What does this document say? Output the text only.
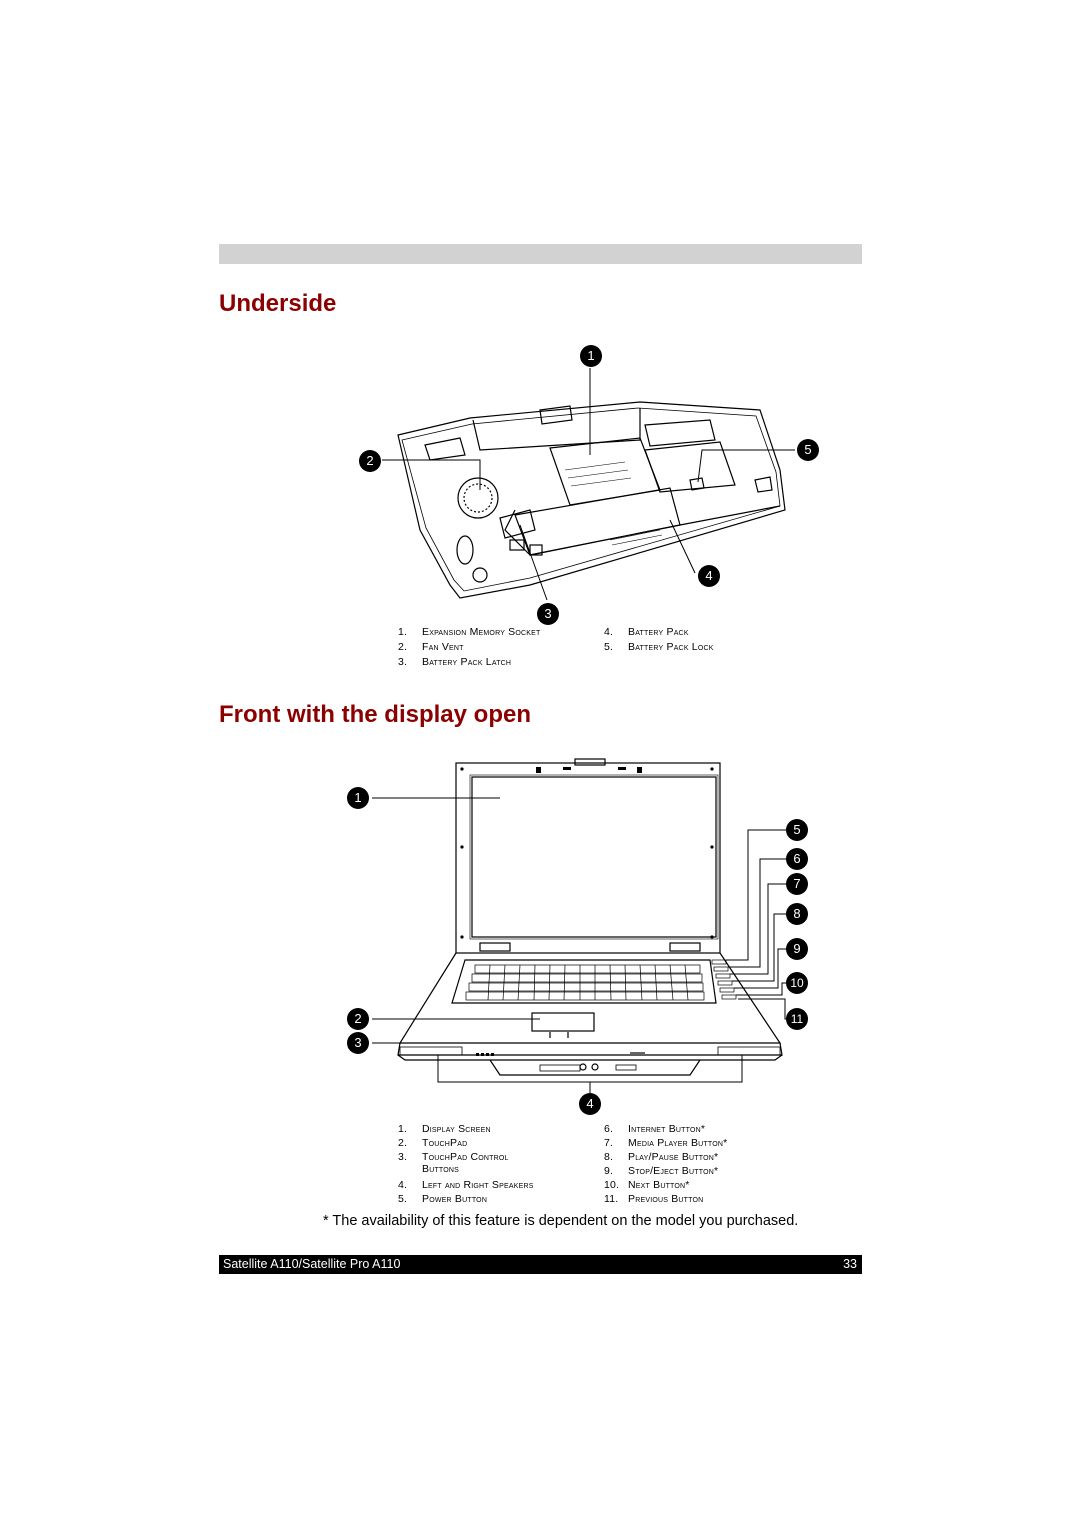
Underside
1
2
5
4
3
1. Expansion Memory Socket
2. Fan Vent
3. Battery Pack Latch
4. Battery Pack
5. Battery Pack Lock
Front with the display open
1
2
3
4
5
6
7
8
9
10
11
1. Display Screen
2. TouchPad
3. TouchPad Control Buttons
4. Left and Right Speakers
5. Power Button
6. Internet Button*
7. Media Player Button*
8. Play/Pause Button*
9. Stop/Eject Button*
10. Next Button*
11. Previous Button
* The availability of this feature is dependent on the model you purchased.
Satellite A110/Satellite Pro A110	33
